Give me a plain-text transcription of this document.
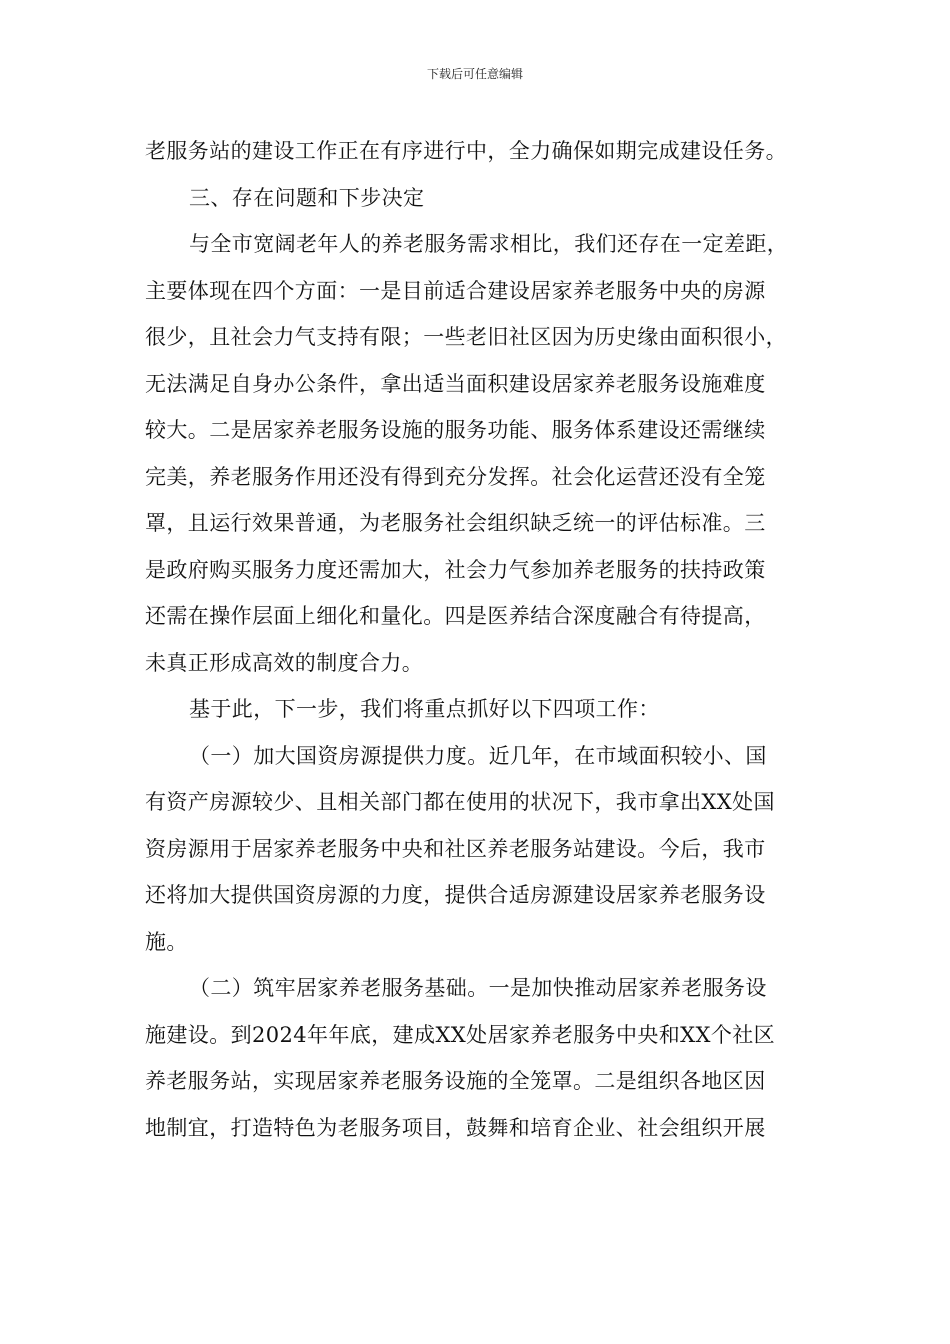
下载后可任意编辑
老服务站的建设工作正在有序进行中，全力确保如期完成建设任务。
三、存在问题和下步决定
与全市宽阔老年人的养老服务需求相比，我们还存在一定差距，
主要体现在四个方面：一是目前适合建设居家养老服务中央的房源
很少，且社会力气支持有限；一些老旧社区因为历史缘由面积很小，
无法满足自身办公条件，拿出适当面积建设居家养老服务设施难度
较大。二是居家养老服务设施的服务功能、服务体系建设还需继续
完美，养老服务作用还没有得到充分发挥。社会化运营还没有全笼
罩，且运行效果普通，为老服务社会组织缺乏统一的评估标准。三
是政府购买服务力度还需加大，社会力气参加养老服务的扶持政策
还需在操作层面上细化和量化。四是医养结合深度融合有待提高，
未真正形成高效的制度合力。
基于此，下一步，我们将重点抓好以下四项工作：
（一）加大国资房源提供力度。近几年，在市域面积较小、国
有资产房源较少、且相关部门都在使用的状况下，我市拿出XX处国
资房源用于居家养老服务中央和社区养老服务站建设。今后，我市
还将加大提供国资房源的力度，提供合适房源建设居家养老服务设
施。
（二）筑牢居家养老服务基础。一是加快推动居家养老服务设
施建设。到2024年年底，建成XX处居家养老服务中央和XX个社区
养老服务站，实现居家养老服务设施的全笼罩。二是组织各地区因
地制宜，打造特色为老服务项目，鼓舞和培育企业、社会组织开展
